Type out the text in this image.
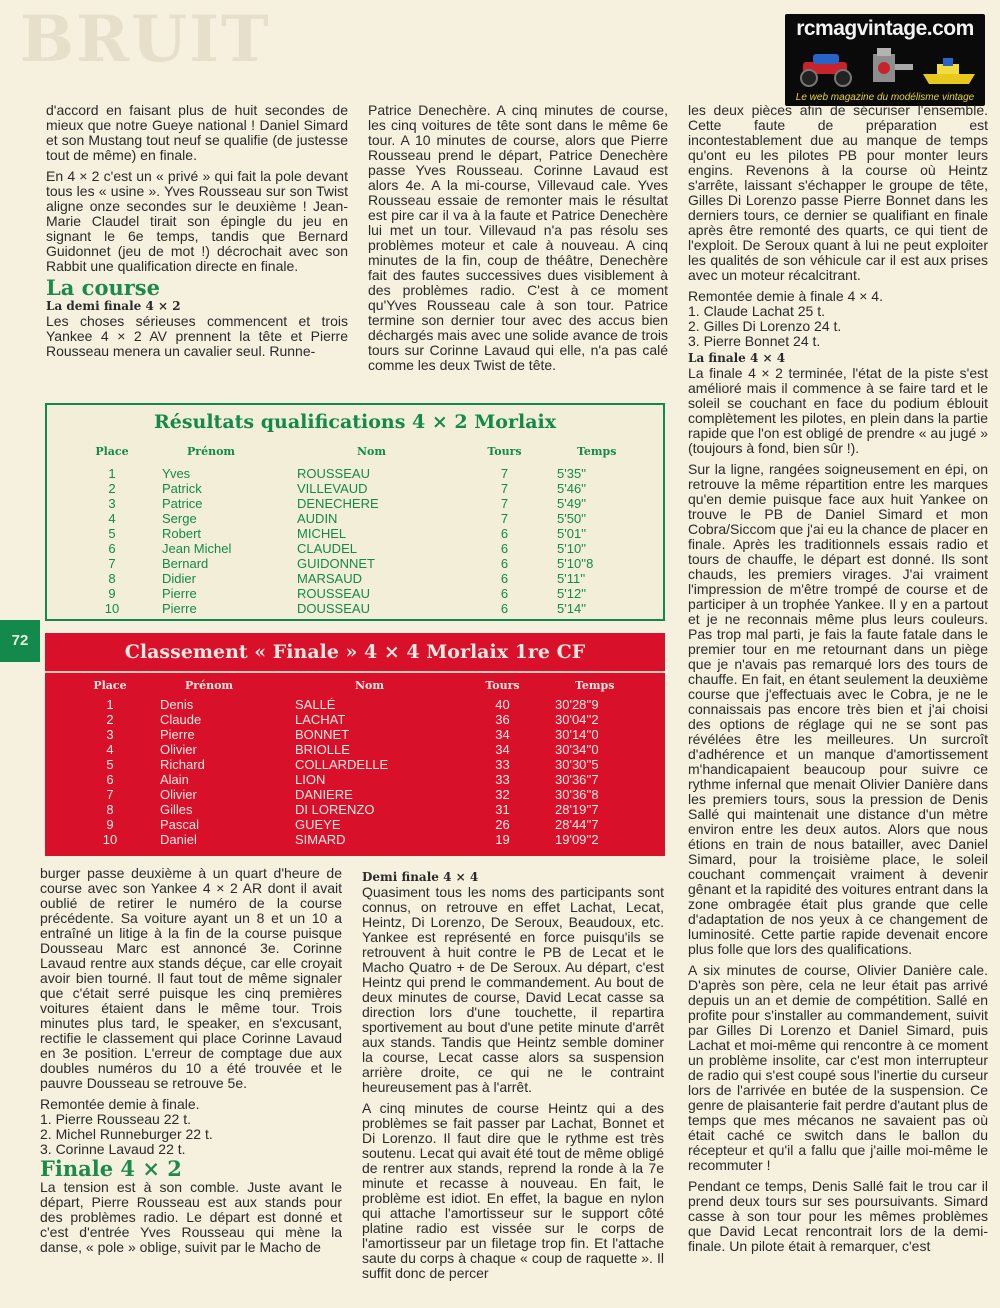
BRUIT	rcmagvintage.com
Le web magazine du modélisme vintage

d'accord en faisant plus de huit secondes de mieux que notre Gueye national ! Daniel Simard et son Mustang tout neuf se qualifie (de justesse tout de même) en finale.

En 4 × 2 c'est un « privé » qui fait la pole devant tous les « usine ». Yves Rousseau sur son Twist aligne onze secondes sur le deuxième ! Jean-Marie Claudel tirait son épingle du jeu en signant le 6e temps, tandis que Bernard Guidonnet (jeu de mot !) décrochait avec son Rabbit une qualification directe en finale.

La course
La demi finale 4 × 2

Les choses sérieuses commencent et trois Yankee 4 × 2 AV prennent la tête et Pierre Rousseau menera un cavalier seul. Runne-

Patrice Denechère. A cinq minutes de course, les cinq voitures de tête sont dans le même 6e tour. A 10 minutes de course, alors que Pierre Rousseau prend le départ, Patrice Denechère passe Yves Rousseau. Corinne Lavaud est alors 4e. A la mi-course, Villevaud cale. Yves Rousseau essaie de remonter mais le résultat est pire car il va à la faute et Patrice Denechère lui met un tour. Villevaud n'a pas résolu ses problèmes moteur et cale à nouveau. A cinq minutes de la fin, coup de théâtre, Denechère fait des fautes successives dues visiblement à des problèmes radio. C'est à ce moment qu'Yves Rousseau cale à son tour. Patrice termine son dernier tour avec des accus bien déchargés mais avec une solide avance de trois tours sur Corinne Lavaud qui elle, n'a pas calé comme les deux Twist de tête.

les deux pièces afin de sécuriser l'ensemble. Cette faute de préparation est incontestablement due au manque de temps qu'ont eu les pilotes PB pour monter leurs engins. Revenons à la course où Heintz s'arrête, laissant s'échapper le groupe de tête, Gilles Di Lorenzo passe Pierre Bonnet dans les derniers tours, ce dernier se qualifiant en finale après être remonté des quarts, ce qui tient de l'exploit. De Seroux quant à lui ne peut exploiter les qualités de son véhicule car il est aux prises avec un moteur récalcitrant.

Remontée demie à finale 4 × 4.
1. Claude Lachat 25 t.
2. Gilles Di Lorenzo 24 t.
3. Pierre Bonnet 24 t.
La finale 4 × 4

La finale 4 × 2 terminée, l'état de la piste s'est amélioré mais il commence à se faire tard et le soleil se couchant en face du podium éblouit complètement les pilotes, en plein dans la partie rapide que l'on est obligé de prendre « au jugé » (toujours à fond, bien sûr !).

Sur la ligne, rangées soigneusement en épi, on retrouve la même répartition entre les marques qu'en demie puisque face aux huit Yankee on trouve le PB de Daniel Simard et mon Cobra/Siccom que j'ai eu la chance de placer en finale. Après les traditionnels essais radio et tours de chauffe, le départ est donné. Ils sont chauds, les premiers virages. J'ai vraiment l'impression de m'être trompé de course et de participer à un trophée Yankee. Il y en a partout et je ne reconnais même plus leurs couleurs. Pas trop mal parti, je fais la faute fatale dans le premier tour en me retournant dans un piège que je n'avais pas remarqué lors des tours de chauffe. En fait, en étant seulement la deuxième course que j'effectuais avec le Cobra, je ne le connaissais pas encore très bien et j'ai choisi des options de réglage qui ne se sont pas révélées être les meilleures. Un surcroît d'adhérence et un manque d'amortissement m'handicapaient beaucoup pour suivre ce rythme infernal que menait Olivier Danière dans les premiers tours, sous la pression de Denis Sallé qui maintenait une distance d'un mètre environ entre les deux autos. Alors que nous étions en train de nous batailler, avec Daniel Simard, pour la troisième place, le soleil couchant commençait vraiment à devenir gênant et la rapidité des voitures entrant dans la zone ombragée était plus grande que celle d'adaptation de nos yeux à ce changement de luminosité. Cette partie rapide devenait encore plus folle que lors des qualifications.

A six minutes de course, Olivier Danière cale. D'après son père, cela ne leur était pas arrivé depuis un an et demie de compétition. Sallé en profite pour s'installer au commandement, suivit par Gilles Di Lorenzo et Daniel Simard, puis Lachat et moi-même qui rencontre à ce moment un problème insolite, car c'est mon interrupteur de radio qui s'est coupé sous l'inertie du curseur lors de l'arrivée en butée de la suspension. Ce genre de plaisanterie fait perdre d'autant plus de temps que mes mécanos ne savaient pas où était caché ce switch dans le ballon du récepteur et qu'il a fallu que j'aille moi-même le recommuter !

Pendant ce temps, Denis Sallé fait le trou car il prend deux tours sur ses poursuivants. Simard casse à son tour pour les mêmes problèmes que David Lecat rencontrait lors de la demi-finale. Un pilote était à remarquer, c'est

72
Résultats qualifications 4 × 2 Morlaix
Place	Prénom	Nom	Tours	Temps
1	Yves	ROUSSEAU	7	5'35''
2	Patrick	VILLEVAUD	7	5'46''
3	Patrice	DENECHERE	7	5'49''
4	Serge	AUDIN	7	5'50''
5	Robert	MICHEL	6	5'01''
6	Jean Michel	CLAUDEL	6	5'10''
7	Bernard	GUIDONNET	6	5'10''8
8	Didier	MARSAUD	6	5'11''
9	Pierre	ROUSSEAU	6	5'12''
10	Pierre	DOUSSEAU	6	5'14''
Classement « Finale » 4 × 4 Morlaix 1re CF
Place	Prénom	Nom	Tours	Temps
1	Denis	SALLÉ	40	30'28''9
2	Claude	LACHAT	36	30'04''2
3	Pierre	BONNET	34	30'14''0
4	Olivier	BRIOLLE	34	30'34''0
5	Richard	COLLARDELLE	33	30'30''5
6	Alain	LION	33	30'36''7
7	Olivier	DANIERE	32	30'36''8
8	Gilles	DI LORENZO	31	28'19''7
9	Pascal	GUEYE	26	28'44''7
10	Daniel	SIMARD	19	19'09''2

burger passe deuxième à un quart d'heure de course avec son Yankee 4 × 2 AR dont il avait oublié de retirer le numéro de la course précédente. Sa voiture ayant un 8 et un 10 a entraîné un litige à la fin de la course puisque Dousseau Marc est annoncé 3e. Corinne Lavaud rentre aux stands déçue, car elle croyait avoir bien tourné. Il faut tout de même signaler que c'était serré puisque les cinq premières voitures étaient dans le même tour. Trois minutes plus tard, le speaker, en s'excusant, rectifie le classement qui place Corinne Lavaud en 3e position. L'erreur de comptage due aux doubles numéros du 10 a été trouvée et le pauvre Dousseau se retrouve 5e.

Remontée demie à finale.
1. Pierre Rousseau 22 t.
2. Michel Runneburger 22 t.
3. Corinne Lavaud 22 t.
Finale 4 × 2

La tension est à son comble. Juste avant le départ, Pierre Rousseau est aux stands pour des problèmes radio. Le départ est donné et c'est d'entrée Yves Rousseau qui mène la danse, « pole » oblige, suivit par le Macho de

Demi finale 4 × 4

Quasiment tous les noms des participants sont connus, on retrouve en effet Lachat, Lecat, Heintz, Di Lorenzo, De Seroux, Beaudoux, etc. Yankee est représenté en force puisqu'ils se retrouvent à huit contre le PB de Lecat et le Macho Quatro + de De Seroux. Au départ, c'est Heintz qui prend le commandement. Au bout de deux minutes de course, David Lecat casse sa direction lors d'une touchette, il repartira sportivement au bout d'une petite minute d'arrêt aux stands. Tandis que Heintz semble dominer la course, Lecat casse alors sa suspension arrière droite, ce qui ne le contraint heureusement pas à l'arrêt.

A cinq minutes de course Heintz qui a des problèmes se fait passer par Lachat, Bonnet et Di Lorenzo. Il faut dire que le rythme est très soutenu. Lecat qui avait été tout de même obligé de rentrer aux stands, reprend la ronde à la 7e minute et recasse à nouveau. En fait, le problème est idiot. En effet, la bague en nylon qui attache l'amortisseur sur le support côté platine radio est vissée sur le corps de l'amortisseur par un filetage trop fin. Et l'attache saute du corps à chaque « coup de raquette ». Il suffit donc de percer
